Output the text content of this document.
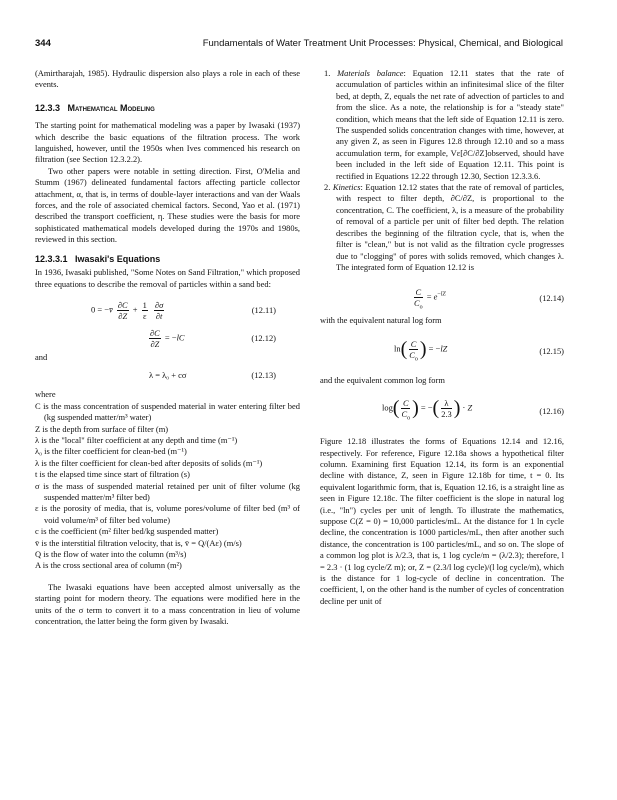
344	Fundamentals of Water Treatment Unit Processes: Physical, Chemical, and Biological

(Amirtharajah, 1985). Hydraulic dispersion also plays a role in each of these events.

12.3.3 Mathematical Modeling

The starting point for mathematical modeling was a paper by Iwasaki (1937) which describe the basic equations of the filtration process. The work languished, however, until the 1950s when Ives commenced his research on filtration (see Section 12.3.2.2).

Two other papers were notable in setting direction. First, O'Melia and Stumm (1967) delineated fundamental factors affecting particle collector attachment, α, that is, in terms of double-layer interactions and van der Waals forces, and the role of associated chemical factors. Second, Yao et al. (1971) described the transport coefficient, η. These studies were the basis for more sophisticated mathematical models developed during the 1970s and 1980s, reviewed in this section.

12.3.3.1 Iwasaki's Equations

In 1936, Iwasaki published, "Some Notes on Sand Filtration," which proposed three equations to describe the removal of particles within a sand bed:

0 = −v̄ $\frac{\partial C}{\partial Z} + \frac{1}{\varepsilon}$
$\frac{\partial\sigma}{\partial t}$	(12.11)
$\frac{\partial C}{\partial Z} = -lC$	(12.12)

and

λ = λ₀ + cσ	(12.13)

where

C is the mass concentration of suspended material in water entering filter bed (kg suspended matter/m³ water)

Z is the depth from surface of filter (m)

λ is the "local" filter coefficient at any depth and time (m⁻¹)

λ₀ is the filter coefficient for clean-bed (m⁻¹)

λ is the filter coefficient for clean-bed after deposits of solids (m⁻¹)

t is the elapsed time since start of filtration (s)

σ is the mass of suspended material retained per unit of filter volume (kg suspended matter/m³ filter bed)

ε is the porosity of media, that is, volume pores/volume of filter bed (m³ of void volume/m³ of filter bed volume)

c is the coefficient (m² filter bed/kg suspended matter)

v̄ is the interstitial filtration velocity, that is, v̄ = Q/(Aε) (m/s)

Q is the flow of water into the column (m³/s)

A is the cross sectional area of column (m²)

The Iwasaki equations have been accepted almost universally as the starting point for modern theory. The equations were modified here in the units of the σ term to convert it to a mass concentration in lieu of volume concentration, the latter being the form given by Iwasaki.

1. Materials balance: Equation 12.11 states that the rate of accumulation of particles within an infinitesimal slice of the filter bed, at depth, Z, equals the net rate of advection of particles to and from the slice. As a note, the relationship is for a "steady state" condition, which means that the left side of Equation 12.11 is zero. The suspended solids concentration changes with time, however, at any given Z, as seen in Figures 12.8 through 12.10 and so a mass accumulation term, for example, Vε[∂C/∂Z]observed, should have been included in the left side of Equation 12.11. This point is rectified in Equations 12.22 through 12.30, Section 12.3.3.6.

2. Kinetics: Equation 12.12 states that the rate of removal of particles, with respect to filter depth, ∂C/∂Z, is proportional to the concentration, C. The coefficient, λ, is a measure of the probability of removal of a particle per unit of filter bed depth. The relation describes the beginning of the filtration cycle, that is, when the filter is "clean," but is not valid as the filtration cycle progresses due to "clogging" of pores with solids removed, which changes λ. The integrated form of Equation 12.12 is

$\frac{C}{C_o} = e^{-lZ}$	(12.14)

with the equivalent natural log form

$\ln( \frac{C}{C_o}$ ) = −lZ	(12.15)

and the equivalent common log form

$\log( \frac{C}{C_o}$ ) = −( $\frac{\lambda}{2.3}$ ) · Z	(12.16)

Figure 12.18 illustrates the forms of Equations 12.14 and 12.16, respectively. For reference, Figure 12.18a shows a hypothetical filter column. Examining first Equation 12.14, its form is an exponential decline with distance, Z, seen in Figure 12.18b for time, t = 0. Its equivalent logarithmic form, that is, Equation 12.16, is a straight line as seen in Figure 12.18c. The filter coefficient is the slope in natural log (i.e., "ln") cycles per unit of length. To illustrate the mathematics, suppose C(Z = 0) = 10,000 particles/mL. At the distance for 1 ln cycle decline, the concentration is 1000 particles/mL, then after another such distance, the concentration is 100 particles/mL, and so on. The slope of a common log plot is λ/2.3, that is, 1 log cycle/m = (λ/2.3); therefore, l = 2.3 · (1 log cycle/Z m); or, Z = (2.3/l log cycle)/(l log cycle/m), which is the distance for 1 log-cycle of decline in concentration. The coefficient, l, on the other hand is the number of cycles of concentration decline per unit of
